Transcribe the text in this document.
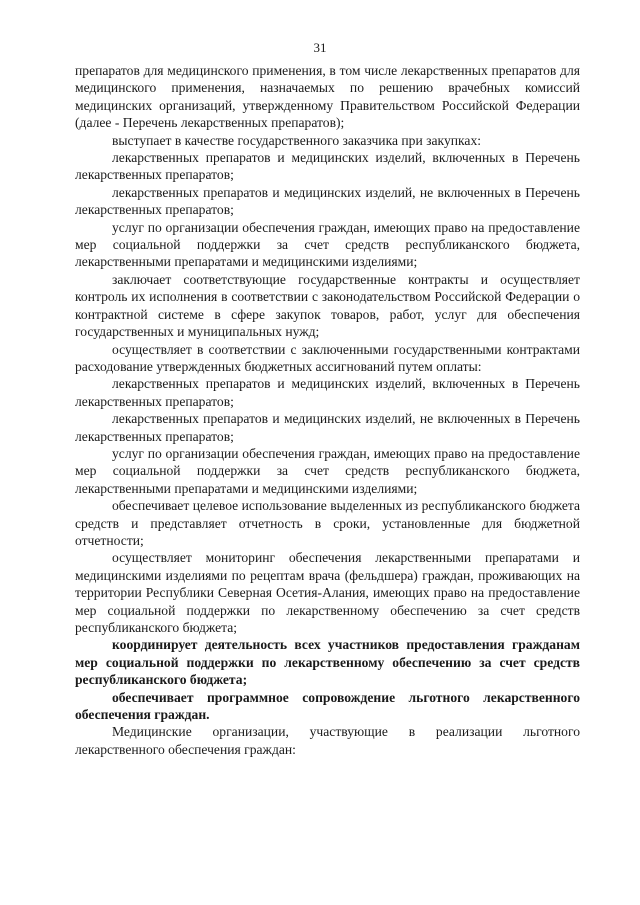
31

препаратов для медицинского применения, в том числе лекарственных препаратов для медицинского применения, назначаемых по решению врачебных комиссий медицинских организаций, утвержденному Правительством Российской Федерации (далее - Перечень лекарственных препаратов);

выступает в качестве государственного заказчика при закупках:

лекарственных препаратов и медицинских изделий, включенных в Перечень лекарственных препаратов;

лекарственных препаратов и медицинских изделий, не включенных в Перечень лекарственных препаратов;

услуг по организации обеспечения граждан, имеющих право на предоставление мер социальной поддержки за счет средств республиканского бюджета, лекарственными препаратами и медицинскими изделиями;

заключает соответствующие государственные контракты и осуществляет контроль их исполнения в соответствии с законодательством Российской Федерации о контрактной системе в сфере закупок товаров, работ, услуг для обеспечения государственных и муниципальных нужд;

осуществляет в соответствии с заключенными государственными контрактами расходование утвержденных бюджетных ассигнований путем оплаты:

лекарственных препаратов и медицинских изделий, включенных в Перечень лекарственных препаратов;

лекарственных препаратов и медицинских изделий, не включенных в Перечень лекарственных препаратов;

услуг по организации обеспечения граждан, имеющих право на предоставление мер социальной поддержки за счет средств республиканского бюджета, лекарственными препаратами и медицинскими изделиями;

обеспечивает целевое использование выделенных из республиканского бюджета средств и представляет отчетность в сроки, установленные для бюджетной отчетности;

осуществляет мониторинг обеспечения лекарственными препаратами и медицинскими изделиями по рецептам врача (фельдшера) граждан, проживающих на территории Республики Северная Осетия-Алания, имеющих право на предоставление мер социальной поддержки по лекарственному обеспечению за счет средств республиканского бюджета;

координирует деятельность всех участников предоставления гражданам мер социальной поддержки по лекарственному обеспечению за счет средств республиканского бюджета;

обеспечивает программное сопровождение льготного лекарственного обеспечения граждан.

Медицинские организации, участвующие в реализации льготного лекарственного обеспечения граждан:
